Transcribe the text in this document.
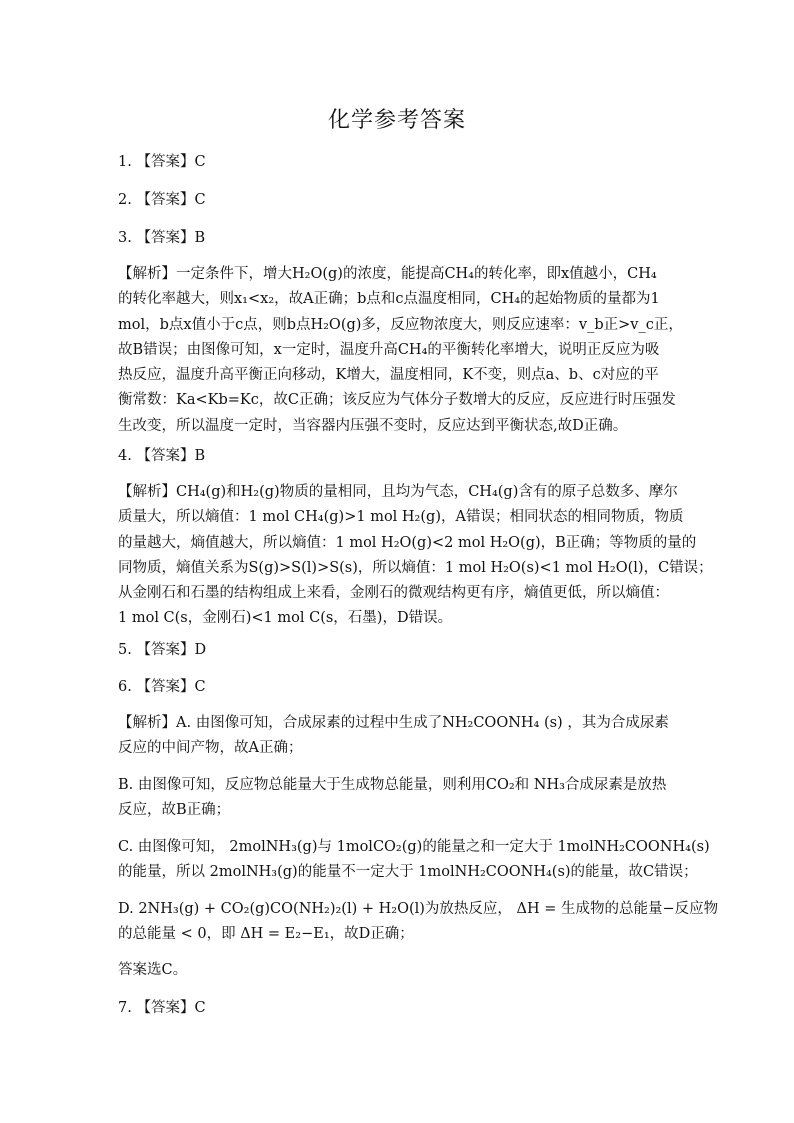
化学参考答案
1. 【答案】C
2. 【答案】C
3. 【答案】B
【解析】一定条件下，增大H₂O(g)的浓度，能提高CH₄的转化率，即x值越小，CH₄
的转化率越大，则x₁<x₂，故A正确；b点和c点温度相同，CH₄的起始物质的量都为1
mol，b点x值小于c点，则b点H₂O(g)多，反应物浓度大，则反应速率：v_b正>v_c正，
故B错误；由图像可知，x一定时，温度升高CH₄的平衡转化率增大，说明正反应为吸
热反应，温度升高平衡正向移动，K增大，温度相同，K不变，则点a、b、c对应的平
衡常数：Ka<Kb=Kc，故C正确；该反应为气体分子数增大的反应，反应进行时压强发
生改变，所以温度一定时，当容器内压强不变时，反应达到平衡状态,故D正确。
4. 【答案】B
【解析】CH₄(g)和H₂(g)物质的量相同，且均为气态，CH₄(g)含有的原子总数多、摩尔
质量大，所以熵值：1 mol CH₄(g)>1 mol H₂(g)，A错误；相同状态的相同物质，物质
的量越大，熵值越大，所以熵值：1 mol H₂O(g)<2 mol H₂O(g)，B正确；等物质的量的
同物质，熵值关系为S(g)>S(l)>S(s)，所以熵值：1 mol H₂O(s)<1 mol H₂O(l)，C错误；
从金刚石和石墨的结构组成上来看，金刚石的微观结构更有序，熵值更低，所以熵值：
1 mol C(s，金刚石)<1 mol C(s，石墨)，D错误。
5. 【答案】D
6. 【答案】C
【解析】A. 由图像可知，合成尿素的过程中生成了NH₂COONH₄ (s) ，其为合成尿素
反应的中间产物，故A正确；
B. 由图像可知，反应物总能量大于生成物总能量，则利用CO₂和 NH₃合成尿素是放热
反应，故B正确；
C. 由图像可知， 2molNH₃(g)与 1molCO₂(g)的能量之和一定大于 1molNH₂COONH₄(s)
的能量，所以 2molNH₃(g)的能量不一定大于 1molNH₂COONH₄(s)的能量，故C错误；
D. 2NH₃(g) + CO₂(g)CO(NH₂)₂(l) + H₂O(l)为放热反应， ΔH = 生成物的总能量−反应物
的总能量 < 0，即 ΔH = E₂−E₁，故D正确；
答案选C。
7. 【答案】C
